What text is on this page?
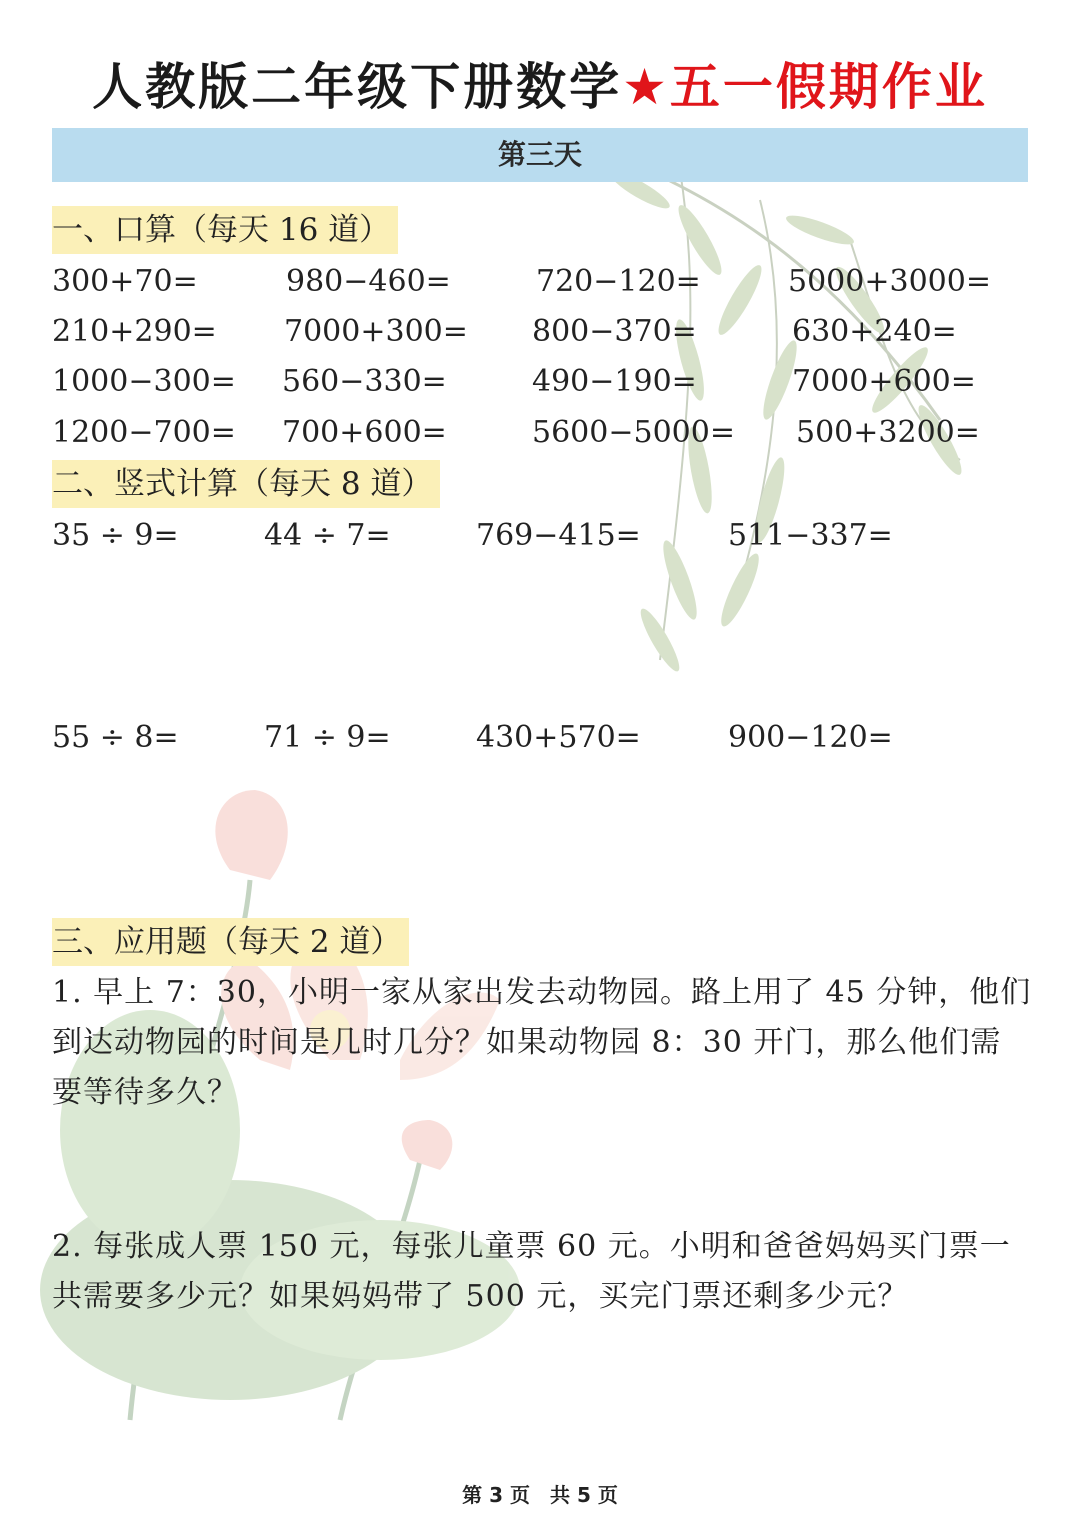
人教版二年级下册数学★五一假期作业
第三天
一、口算（每天 16 道）
300+70=	980−460=	720−120=	5000+3000=
210+290= 7000+300= 800−370=	630+240=
1000−300= 560−330=	490−190=	7000+600=
1200−700= 700+600=	5600−5000= 500+3200=
二、竖式计算（每天 8 道）
35 ÷ 9=	44 ÷ 7=	769−415=	511−337=
55 ÷ 8=	71 ÷ 9=	430+570=	900−120=
三、应用题（每天 2 道）
1. 早上 7：30，小明一家从家出发去动物园。路上用了 45 分钟，他们到达动物园的时间是几时几分？如果动物园 8：30 开门，那么他们需要等待多久？
2. 每张成人票 150 元，每张儿童票 60 元。小明和爸爸妈妈买门票一共需要多少元？如果妈妈带了 500 元，买完门票还剩多少元？
第 3 页　共 5 页
